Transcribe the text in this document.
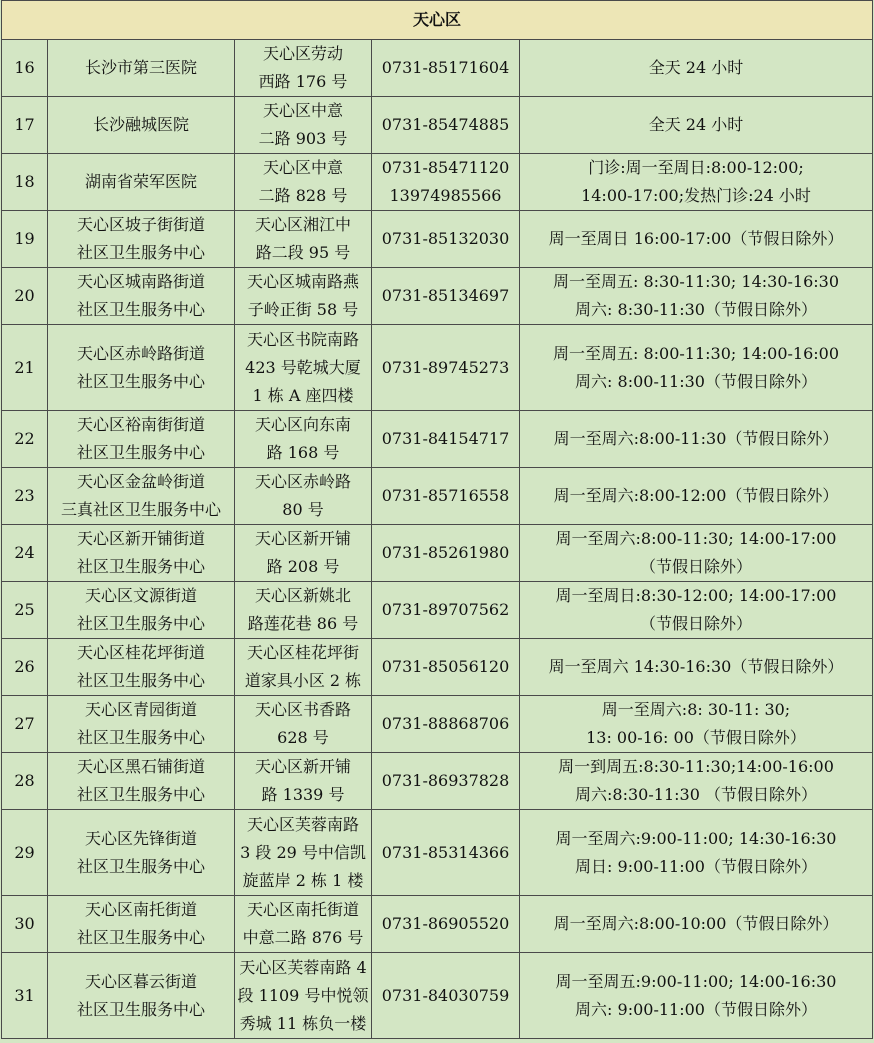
天心区				
16	长沙市第三医院	天心区劳动
西路 176 号	0731-85171604	全天 24 小时

17	长沙融城医院	天心区中意
二路 903 号	0731-85474885	全天 24 小时

18	湖南省荣军医院	天心区中意
二路 828 号	0731-85471120
13974985566	门诊:周一至周日:8:00-12:00;
14:00-17:00;发热门诊:24 小时

19	天心区坡子街街道
社区卫生服务中心	天心区湘江中
路二段 95 号	0731-85132030	周一至周日 16:00-17:00（节假日除外）

20	天心区城南路街道
社区卫生服务中心	天心区城南路燕
子岭正街 58 号	0731-85134697	周一至周五: 8:30-11:30; 14:30-16:30
周六: 8:30-11:30（节假日除外）

21	天心区赤岭路街道
社区卫生服务中心	天心区书院南路
423 号乾城大厦
1 栋 A 座四楼	0731-89745273	周一至周五: 8:00-11:30; 14:00-16:00
周六: 8:00-11:30（节假日除外）

22	天心区裕南街街道
社区卫生服务中心	天心区向东南
路 168 号	0731-84154717	周一至周六:8:00-11:30（节假日除外）

23	天心区金盆岭街道
三真社区卫生服务中心	天心区赤岭路
80 号	0731-85716558	周一至周六:8:00-12:00（节假日除外）

24	天心区新开铺街道
社区卫生服务中心	天心区新开铺
路 208 号	0731-85261980	周一至周六:8:00-11:30; 14:00-17:00
（节假日除外）

25	天心区文源街道
社区卫生服务中心	天心区新姚北
路莲花巷 86 号	0731-89707562	周一至周日:8:30-12:00; 14:00-17:00
（节假日除外）

26	天心区桂花坪街道
社区卫生服务中心	天心区桂花坪街
道家具小区 2 栋	0731-85056120	周一至周六 14:30-16:30（节假日除外）

27	天心区青园街道
社区卫生服务中心	天心区书香路
628 号	0731-88868706	周一至周六:8: 30-11: 30;
13: 00-16: 00（节假日除外）

28	天心区黑石铺街道
社区卫生服务中心	天心区新开铺
路 1339 号	0731-86937828	周一到周五:8:30-11:30;14:00-16:00
周六:8:30-11:30 （节假日除外）

29	天心区先锋街道
社区卫生服务中心	天心区芙蓉南路
3 段 29 号中信凯
旋蓝岸 2 栋 1 楼	0731-85314366	周一至周六:9:00-11:00; 14:30-16:30
周日: 9:00-11:00（节假日除外）

30	天心区南托街道
社区卫生服务中心	天心区南托街道
中意二路 876 号	0731-86905520	周一至周六:8:00-10:00（节假日除外）

31	天心区暮云街道
社区卫生服务中心	天心区芙蓉南路 4
段 1109 号中悦领
秀城 11 栋负一楼	0731-84030759	周一至周五:9:00-11:00; 14:00-16:30
周六: 9:00-11:00（节假日除外）
